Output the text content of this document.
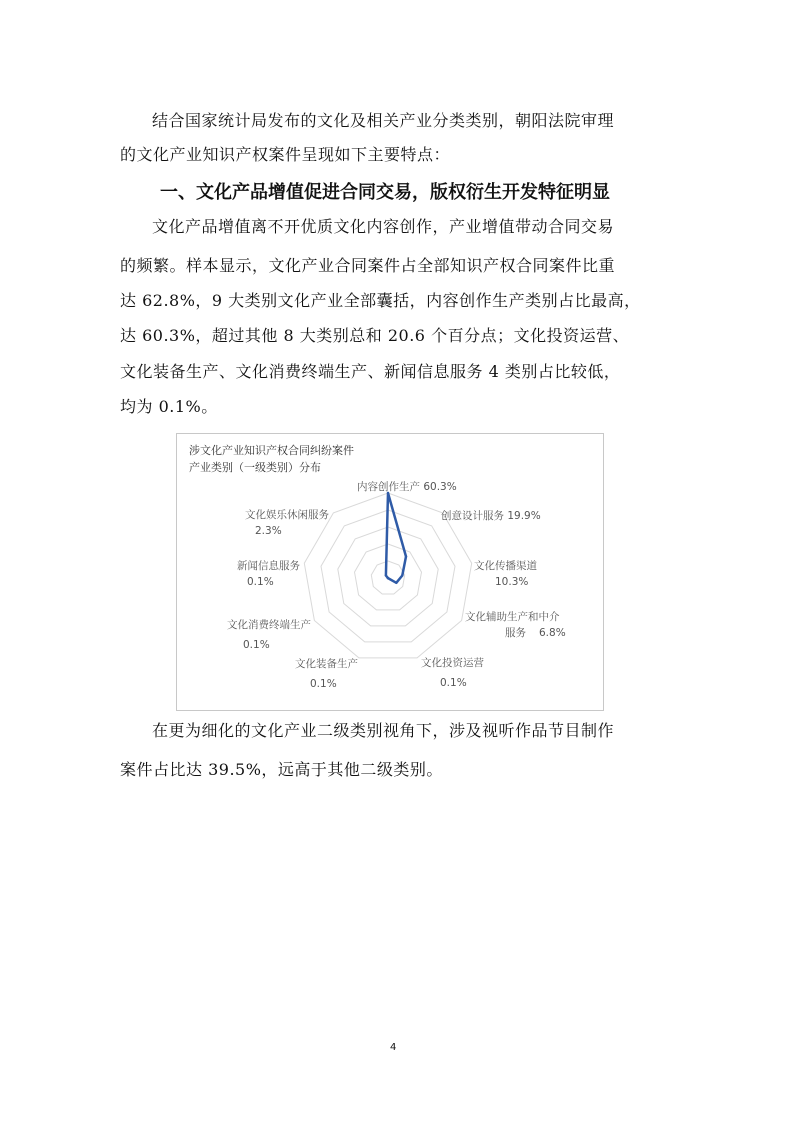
结合国家统计局发布的文化及相关产业分类类别，朝阳法院审理

的文化产业知识产权案件呈现如下主要特点：

一、文化产品增值促进合同交易，版权衍生开发特征明显

文化产品增值离不开优质文化内容创作，产业增值带动合同交易

的频繁。样本显示，文化产业合同案件占全部知识产权合同案件比重

达 62.8%，9 大类别文化产业全部囊括，内容创作生产类别占比最高，

达 60.3%，超过其他 8 大类别总和 20.6 个百分点；文化投资运营、

文化装备生产、文化消费终端生产、新闻信息服务 4 类别占比较低，

均为 0.1%。

涉文化产业知识产权合同纠纷案件
产业类别（一级类别）分布
内容创作生产 60.3%
创意设计服务 19.9%
文化传播渠道
10.3%
文化辅助生产和中介
服务 6.8%
文化投资运营
0.1%
文化装备生产
0.1%
文化消费终端生产
0.1%
新闻信息服务
0.1%
文化娱乐休闲服务
2.3%

在更为细化的文化产业二级类别视角下，涉及视听作品节目制作

案件占比达 39.5%，远高于其他二级类别。

4
